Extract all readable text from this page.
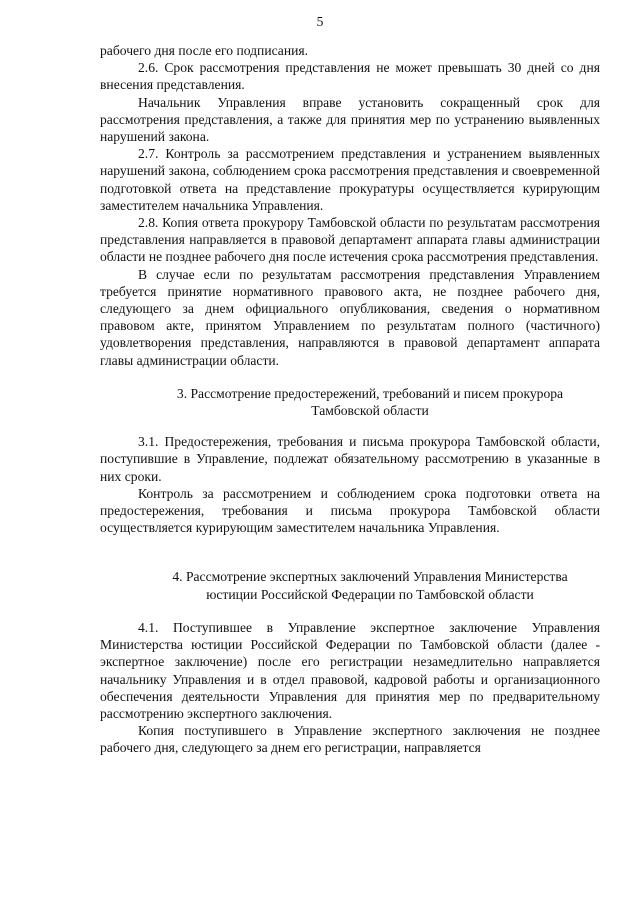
5

рабочего дня после его подписания.

2.6. Срок рассмотрения представления не может превышать 30 дней со дня внесения представления.

Начальник Управления вправе установить сокращенный срок для рассмотрения представления, а также для принятия мер по устранению выявленных нарушений закона.

2.7. Контроль за рассмотрением представления и устранением выявленных нарушений закона, соблюдением срока рассмотрения представления и своевременной подготовкой ответа на представление прокуратуры осуществляется курирующим заместителем начальника Управления.

2.8. Копия ответа прокурору Тамбовской области по результатам рассмотрения представления направляется в правовой департамент аппарата главы администрации области не позднее рабочего дня после истечения срока рассмотрения представления.

В случае если по результатам рассмотрения представления Управлением требуется принятие нормативного правового акта, не позднее рабочего дня, следующего за днем официального опубликования, сведения о нормативном правовом акте, принятом Управлением по результатам полного (частичного) удовлетворения представления, направляются в правовой департамент аппарата главы администрации области.

3. Рассмотрение предостережений, требований и писем прокурора Тамбовской области

3.1. Предостережения, требования и письма прокурора Тамбовской области, поступившие в Управление, подлежат обязательному рассмотрению в указанные в них сроки.

Контроль за рассмотрением и соблюдением срока подготовки ответа на предостережения, требования и письма прокурора Тамбовской области осуществляется курирующим заместителем начальника Управления.

4. Рассмотрение экспертных заключений Управления Министерства юстиции Российской Федерации по Тамбовской области

4.1. Поступившее в Управление экспертное заключение Управления Министерства юстиции Российской Федерации по Тамбовской области (далее - экспертное заключение) после его регистрации незамедлительно направляется начальнику Управления и в отдел правовой, кадровой работы и организационного обеспечения деятельности Управления для принятия мер по предварительному рассмотрению экспертного заключения.

Копия поступившего в Управление экспертного заключения не позднее рабочего дня, следующего за днем его регистрации, направляется
